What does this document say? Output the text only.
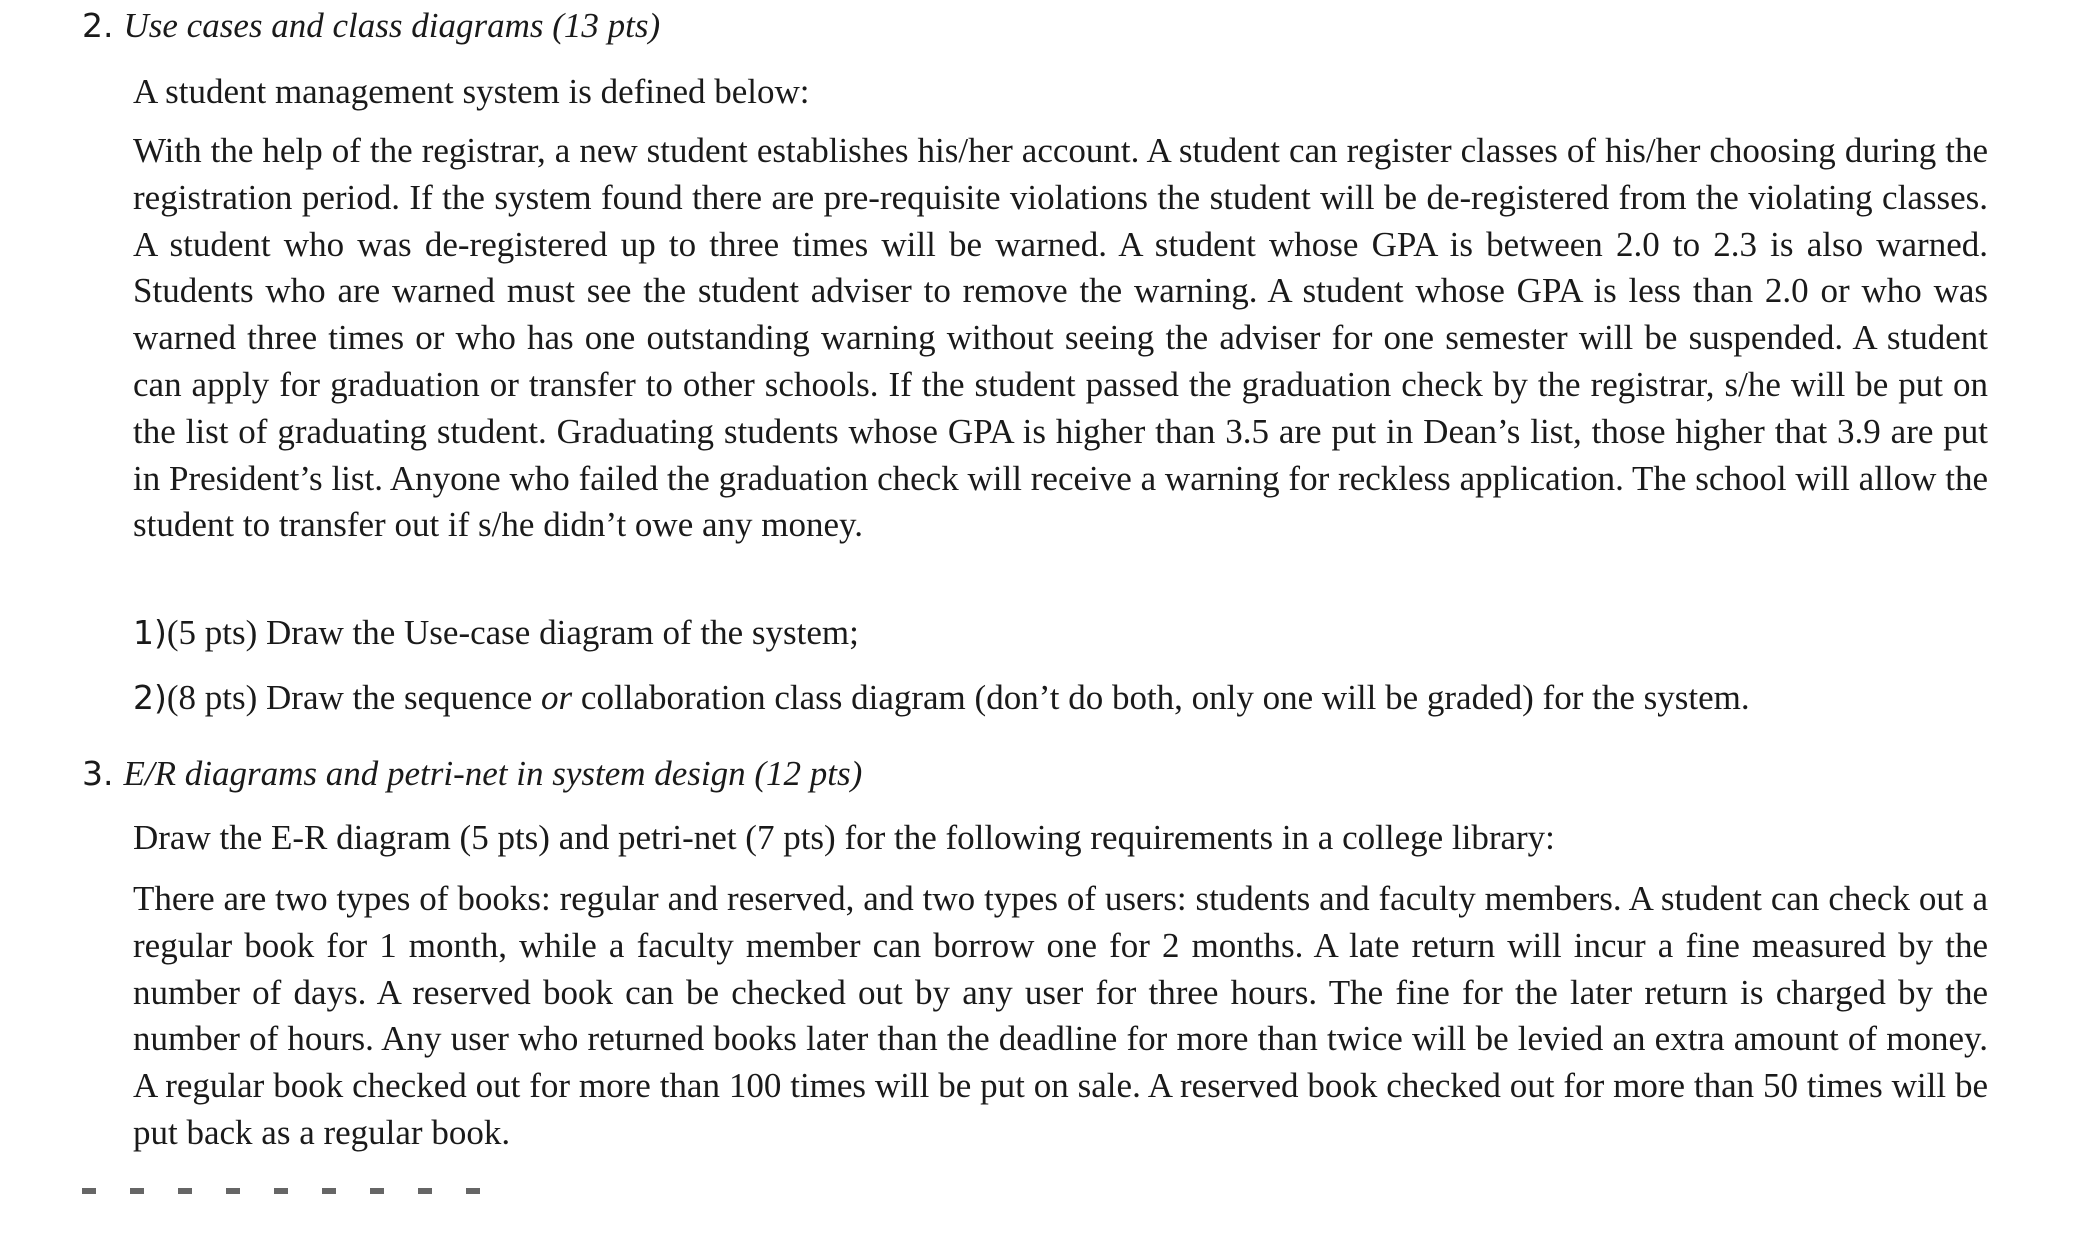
2. Use cases and class diagrams (13 pts)
A student management system is defined below:

With the help of the registrar, a new student establishes his/her account. A student can register classes of his/her choosing during the registration period. If the system found there are pre-requisite violations the student will be de-registered from the violating classes. A student who was de-registered up to three times will be warned. A student whose GPA is between 2.0 to 2.3 is also warned. Students who are warned must see the student adviser to remove the warning. A student whose GPA is less than 2.0 or who was warned three times or who has one outstanding warning without seeing the adviser for one semester will be suspended. A student can apply for graduation or transfer to other schools. If the student passed the graduation check by the registrar, s/he will be put on the list of graduating student. Graduating students whose GPA is higher than 3.5 are put in Dean’s list, those higher that 3.9 are put in President’s list. Anyone who failed the graduation check will receive a warning for reckless application. The school will allow the student to transfer out if s/he didn’t owe any money.

1)(5 pts) Draw the Use-case diagram of the system;
2)(8 pts) Draw the sequence or collaboration class diagram (don’t do both, only one will be graded) for the system.
3. E/R diagrams and petri-net in system design (12 pts)
Draw the E-R diagram (5 pts) and petri-net (7 pts) for the following requirements in a college library:

There are two types of books: regular and reserved, and two types of users: students and faculty members. A student can check out a regular book for 1 month, while a faculty member can borrow one for 2 months. A late return will incur a fine measured by the number of days. A reserved book can be checked out by any user for three hours. The fine for the later return is charged by the number of hours. Any user who returned books later than the deadline for more than twice will be levied an extra amount of money. A regular book checked out for more than 100 times will be put on sale. A reserved book checked out for more than 50 times will be put back as a regular book.
